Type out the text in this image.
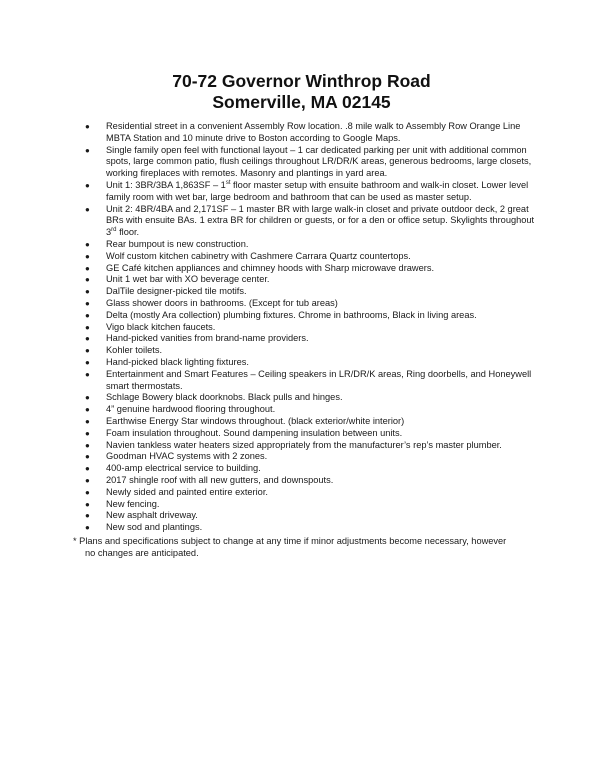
70-72 Governor Winthrop Road
Somerville, MA 02145
● Residential street in a convenient Assembly Row location. .8 mile walk to Assembly Row Orange Line MBTA Station and 10 minute drive to Boston according to Google Maps.
● Single family open feel with functional layout – 1 car dedicated parking per unit with additional common spots, large common patio, flush ceilings throughout LR/DR/K areas, generous bedrooms, large closets, working fireplaces with remotes. Masonry and plantings in yard area.
● Unit 1: 3BR/3BA 1,863SF – 1st floor master setup with ensuite bathroom and walk-in closet. Lower level family room with wet bar, large bedroom and bathroom that can be used as master setup.
● Unit 2: 4BR/4BA and 2,171SF – 1 master BR with large walk-in closet and private outdoor deck, 2 great BRs with ensuite BAs. 1 extra BR for children or guests, or for a den or office setup. Skylights throughout 3rd floor.
● Rear bumpout is new construction.
● Wolf custom kitchen cabinetry with Cashmere Carrara Quartz countertops.
● GE Café kitchen appliances and chimney hoods with Sharp microwave drawers.
● Unit 1 wet bar with XO beverage center.
● DalTile designer-picked tile motifs.
● Glass shower doors in bathrooms. (Except for tub areas)
● Delta (mostly Ara collection) plumbing fixtures. Chrome in bathrooms, Black in living areas.
● Vigo black kitchen faucets.
● Hand-picked vanities from brand-name providers.
● Kohler toilets.
● Hand-picked black lighting fixtures.
● Entertainment and Smart Features – Ceiling speakers in LR/DR/K areas, Ring doorbells, and Honeywell smart thermostats.
● Schlage Bowery black doorknobs. Black pulls and hinges.
● 4” genuine hardwood flooring throughout.
● Earthwise Energy Star windows throughout. (black exterior/white interior)
● Foam insulation throughout. Sound dampening insulation between units.
● Navien tankless water heaters sized appropriately from the manufacturer’s rep’s master plumber.
● Goodman HVAC systems with 2 zones.
● 400-amp electrical service to building.
● 2017 shingle roof with all new gutters, and downspouts.
● Newly sided and painted entire exterior.
● New fencing.
● New asphalt driveway.
● New sod and plantings.
* Plans and specifications subject to change at any time if minor adjustments become necessary, however
no changes are anticipated.
